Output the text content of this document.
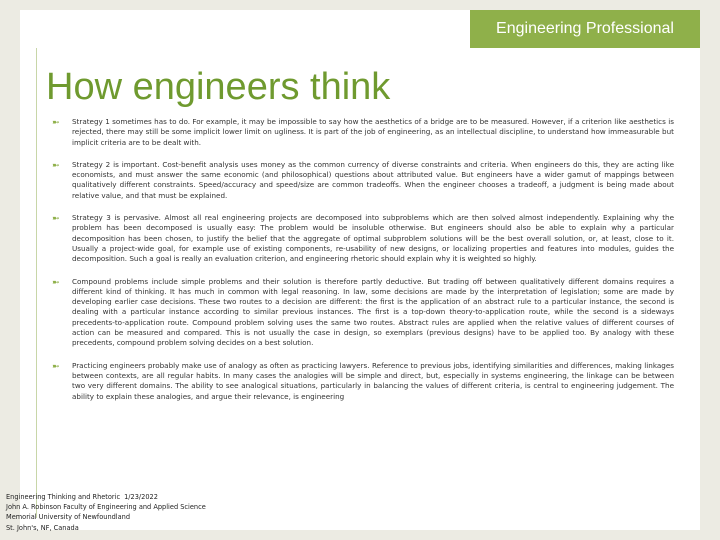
Engineering Professional
How engineers think
➼	Strategy 1 sometimes has to do. For example, it may be impossible to say how the aesthetics of a bridge are to be measured. However, if a criterion like aesthetics is rejected, there may still be some implicit lower limit on ugliness. It is part of the job of engineering, as an intellectual discipline, to understand how immeasurable but implicit criteria are to be dealt with.

➼	Strategy 2 is important. Cost-benefit analysis uses money as the common currency of diverse constraints and criteria. When engineers do this, they are acting like economists, and must answer the same economic (and philosophical) questions about attributed value. But engineers have a wider gamut of mappings between qualitatively different constraints. Speed/accuracy and speed/size are common tradeoffs. When the engineer chooses a tradeoff, a judgment is being made about relative value, and that must be explained.

➼	Strategy 3 is pervasive. Almost all real engineering projects are decomposed into subproblems which are then solved almost independently. Explaining why the problem has been decomposed is usually easy: The problem would be insoluble otherwise. But engineers should also be able to explain why a particular decomposition has been chosen, to justify the belief that the aggregate of optimal subproblem solutions will be the best overall solution, or, at least, close to it. Usually a project-wide goal, for example use of existing components, re-usability of new designs, or localizing properties and features into modules, guides the decomposition. Such a goal is really an evaluation criterion, and engineering rhetoric should explain why it is weighted so highly.

➼	Compound problems include simple problems and their solution is therefore partly deductive. But trading off between qualitatively different domains requires a different kind of thinking. It has much in common with legal reasoning. In law, some decisions are made by the interpretation of legislation; some are made by developing earlier case decisions. These two routes to a decision are different: the first is the application of an abstract rule to a particular instance, the second is dealing with a particular instance according to similar previous instances. The first is a top-down theory-to-application route, while the second is a sideways precedents-to-application route. Compound problem solving uses the same two routes. Abstract rules are applied when the relative values of different courses of action can be measured and compared. This is not usually the case in design, so exemplars (previous designs) have to be applied too. By analogy with these precedents, compound problem solving decides on a best solution.

➼	Practicing engineers probably make use of analogy as often as practicing lawyers. Reference to previous jobs, identifying similarities and differences, making linkages between contexts, are all regular habits. In many cases the analogies will be simple and direct, but, especially in systems engineering, the linkage can be between two very different domains. The ability to see analogical situations, particularly in balancing the values of different criteria, is central to engineering judgement. The ability to explain these analogies, and argue their relevance, is engineering

Engineering Thinking and Rhetoric 1/23/2022
John A. Robinson Faculty of Engineering and Applied Science
Memorial University of Newfoundland
St. John's, NF, Canada
